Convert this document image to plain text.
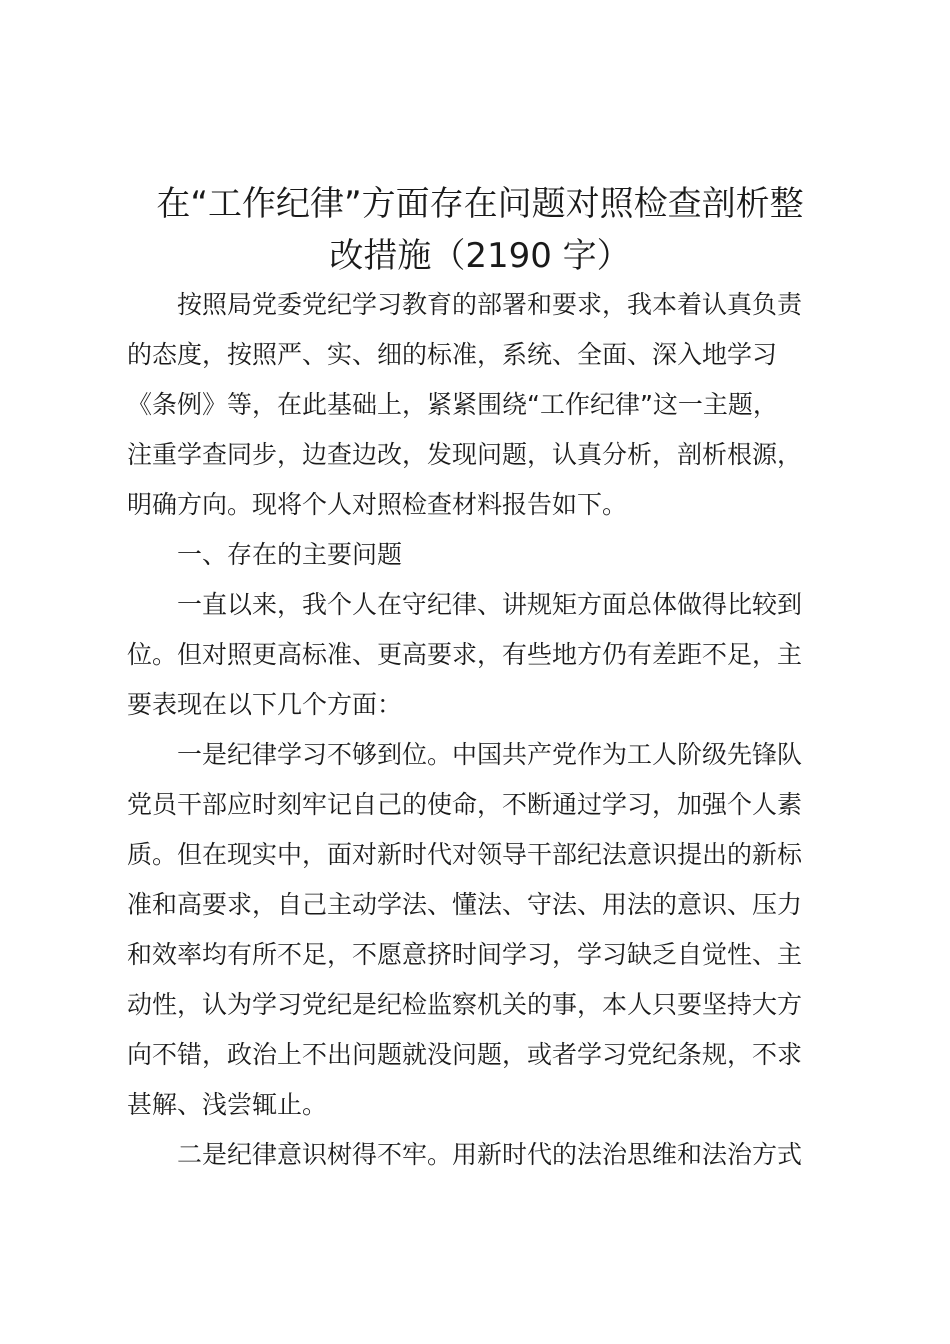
在“工作纪律”方面存在问题对照检查剖析整
改措施（2190 字）

按照局党委党纪学习教育的部署和要求，我本着认真负责
的态度，按照严、实、细的标准，系统、全面、深入地学习
《条例》等，在此基础上，紧紧围绕“工作纪律”这一主题，
注重学查同步，边查边改，发现问题，认真分析，剖析根源，
明确方向。现将个人对照检查材料报告如下。

一、存在的主要问题

一直以来，我个人在守纪律、讲规矩方面总体做得比较到
位。但对照更高标准、更高要求，有些地方仍有差距不足，主
要表现在以下几个方面：

一是纪律学习不够到位。中国共产党作为工人阶级先锋队
党员干部应时刻牢记自己的使命，不断通过学习，加强个人素
质。但在现实中，面对新时代对领导干部纪法意识提出的新标
准和高要求，自己主动学法、懂法、守法、用法的意识、压力
和效率均有所不足，不愿意挤时间学习，学习缺乏自觉性、主
动性，认为学习党纪是纪检监察机关的事，本人只要坚持大方
向不错，政治上不出问题就没问题，或者学习党纪条规，不求
甚解、浅尝辄止。

二是纪律意识树得不牢。用新时代的法治思维和法治方式
